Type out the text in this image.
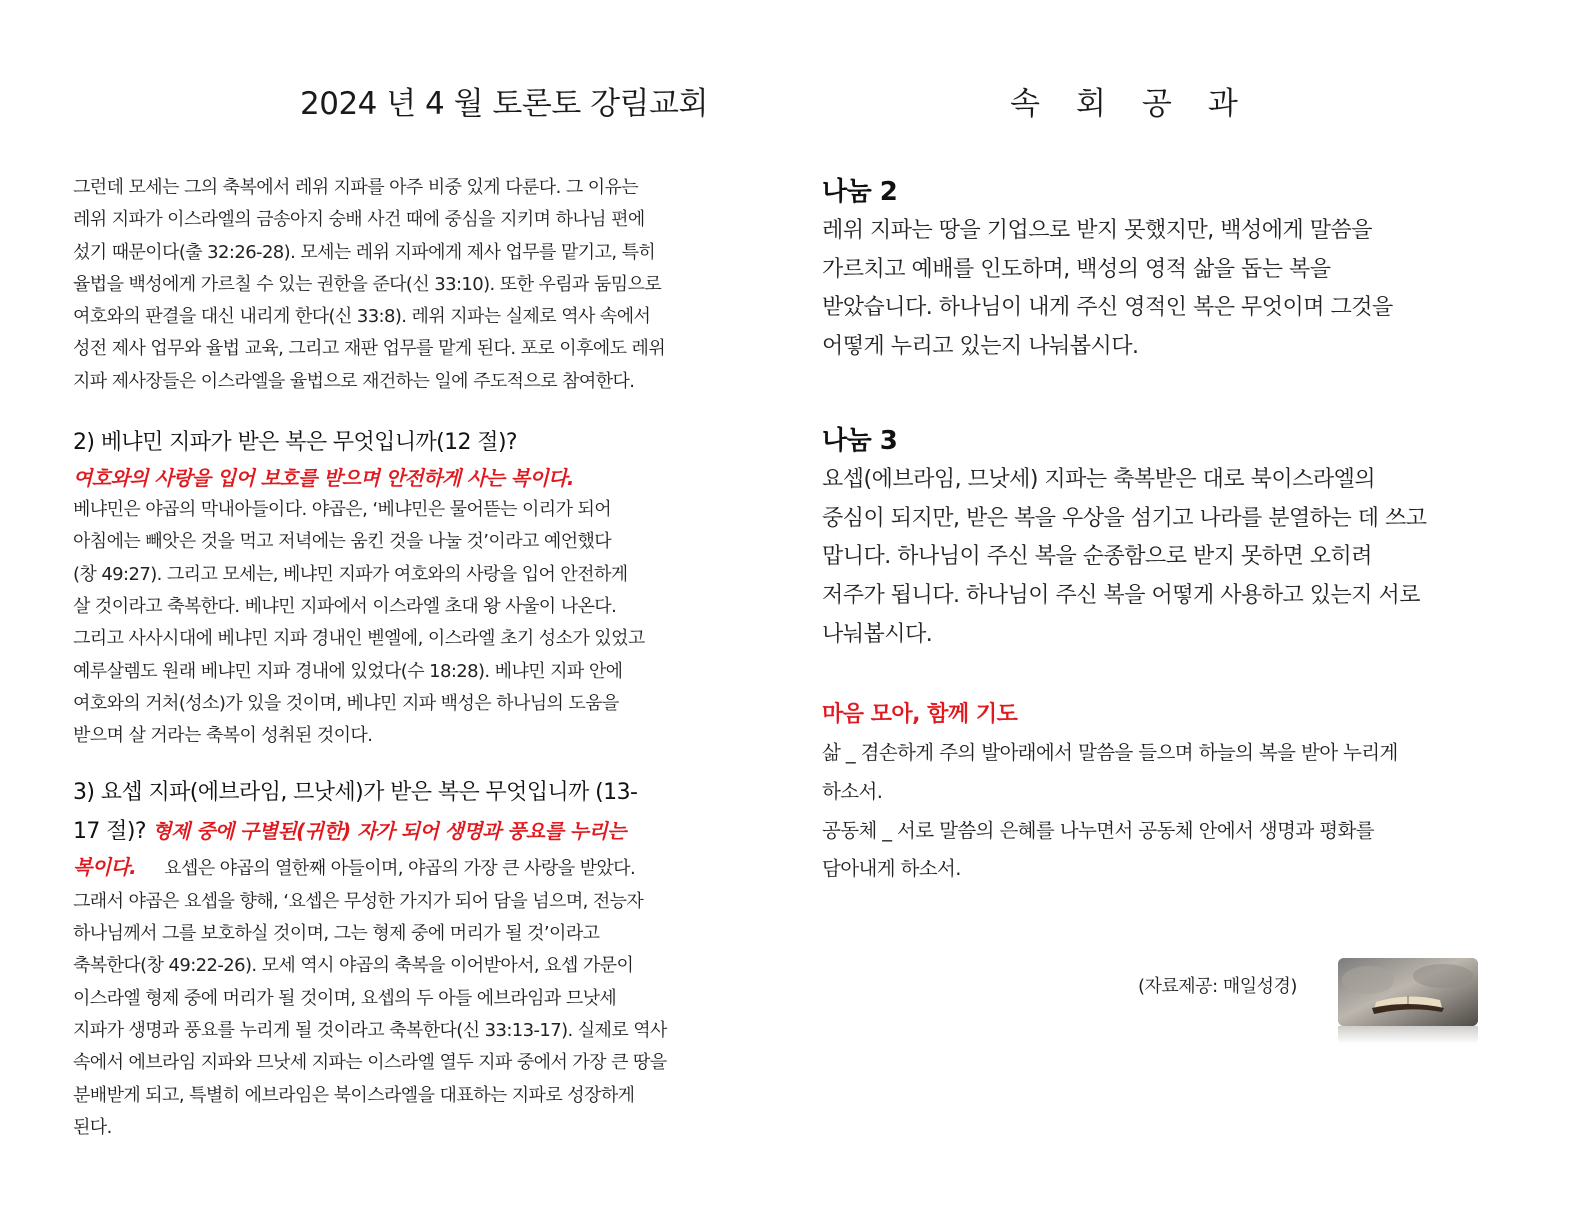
2024 년 4 월 토론토 강림교회	속 회 공 과
그런데 모세는 그의 축복에서 레위 지파를 아주 비중 있게 다룬다. 그 이유는
레위 지파가 이스라엘의 금송아지 숭배 사건 때에 중심을 지키며 하나님 편에
섰기 때문이다(출 32:26-28). 모세는 레위 지파에게 제사 업무를 맡기고, 특히
율법을 백성에게 가르칠 수 있는 권한을 준다(신 33:10). 또한 우림과 둠밈으로
여호와의 판결을 대신 내리게 한다(신 33:8). 레위 지파는 실제로 역사 속에서
성전 제사 업무와 율법 교육, 그리고 재판 업무를 맡게 된다. 포로 이후에도 레위
지파 제사장들은 이스라엘을 율법으로 재건하는 일에 주도적으로 참여한다.
2) 베냐민 지파가 받은 복은 무엇입니까(12 절)?
여호와의 사랑을 입어 보호를 받으며 안전하게 사는 복이다.
베냐민은 야곱의 막내아들이다. 야곱은, ‘베냐민은 물어뜯는 이리가 되어
아침에는 빼앗은 것을 먹고 저녁에는 움킨 것을 나눌 것’이라고 예언했다
(창 49:27). 그리고 모세는, 베냐민 지파가 여호와의 사랑을 입어 안전하게
살 것이라고 축복한다. 베냐민 지파에서 이스라엘 초대 왕 사울이 나온다.
그리고 사사시대에 베냐민 지파 경내인 벧엘에, 이스라엘 초기 성소가 있었고
예루살렘도 원래 베냐민 지파 경내에 있었다(수 18:28). 베냐민 지파 안에
여호와의 거처(성소)가 있을 것이며, 베냐민 지파 백성은 하나님의 도움을
받으며 살 거라는 축복이 성취된 것이다.
3) 요셉 지파(에브라임, 므낫세)가 받은 복은 무엇입니까 (13-
17 절)? 형제 중에 구별된(귀한) 자가 되어 생명과 풍요를 누리는
복이다. 요셉은 야곱의 열한째 아들이며, 야곱의 가장 큰 사랑을 받았다.
그래서 야곱은 요셉을 향해, ‘요셉은 무성한 가지가 되어 담을 넘으며, 전능자
하나님께서 그를 보호하실 것이며, 그는 형제 중에 머리가 될 것’이라고
축복한다(창 49:22-26). 모세 역시 야곱의 축복을 이어받아서, 요셉 가문이
이스라엘 형제 중에 머리가 될 것이며, 요셉의 두 아들 에브라임과 므낫세
지파가 생명과 풍요를 누리게 될 것이라고 축복한다(신 33:13-17). 실제로 역사
속에서 에브라임 지파와 므낫세 지파는 이스라엘 열두 지파 중에서 가장 큰 땅을
분배받게 되고, 특별히 에브라임은 북이스라엘을 대표하는 지파로 성장하게
된다.
나눔 2
레위 지파는 땅을 기업으로 받지 못했지만, 백성에게 말씀을
가르치고 예배를 인도하며, 백성의 영적 삶을 돕는 복을
받았습니다. 하나님이 내게 주신 영적인 복은 무엇이며 그것을
어떻게 누리고 있는지 나눠봅시다.
나눔 3
요셉(에브라임, 므낫세) 지파는 축복받은 대로 북이스라엘의
중심이 되지만, 받은 복을 우상을 섬기고 나라를 분열하는 데 쓰고
맙니다. 하나님이 주신 복을 순종함으로 받지 못하면 오히려
저주가 됩니다. 하나님이 주신 복을 어떻게 사용하고 있는지 서로
나눠봅시다.
마음 모아, 함께 기도
삶 _ 겸손하게 주의 발아래에서 말씀을 들으며 하늘의 복을 받아 누리게
하소서.
공동체 _ 서로 말씀의 은혜를 나누면서 공동체 안에서 생명과 평화를
담아내게 하소서.
(자료제공: 매일성경)
